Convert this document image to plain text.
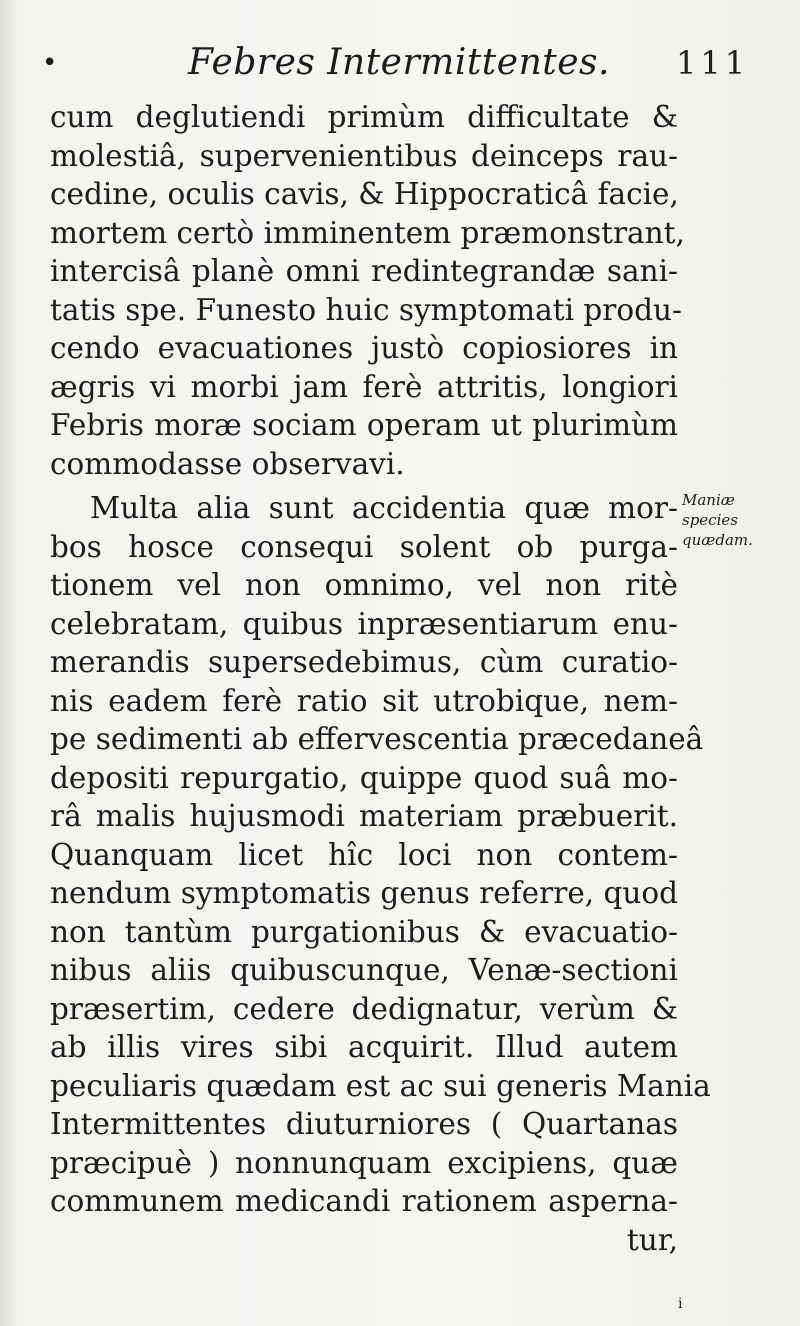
•	Febres Intermittentes. 111
cum deglutiendi primùm difficultate &
molestiâ, supervenientibus deinceps rau-
cedine, oculis cavis, & Hippocraticâ facie,
mortem certò imminentem præmonstrant,
intercisâ planè omni redintegrandæ sani-
tatis spe. Funesto huic symptomati produ-
cendo evacuationes justò copiosiores in
ægris vi morbi jam ferè attritis, longiori
Febris moræ sociam operam ut plurimùm
commodasse observavi.
Multa alia sunt accidentia quæ mor-
bos hosce consequi solent ob purga-
tionem vel non omnimo, vel non ritè
celebratam, quibus inpræsentiarum enu-
merandis supersedebimus, cùm curatio-
nis eadem ferè ratio sit utrobique, nem-
pe sedimenti ab effervescentia præcedaneâ
depositi repurgatio, quippe quod suâ mo-
râ malis hujusmodi materiam præbuerit.
Quanquam licet hîc loci non contem-
nendum symptomatis genus referre, quod
non tantùm purgationibus & evacuatio-
nibus aliis quibuscunque, Venæ-sectioni
præsertim, cedere dedignatur, verùm &
ab illis vires sibi acquirit. Illud autem
peculiaris quædam est ac sui generis Mania
Intermittentes diuturniores ( Quartanas
præcipuè ) nonnunquam excipiens, quæ
communem medicandi rationem asperna-
tur,
Maniæ
species
quædam.
i
